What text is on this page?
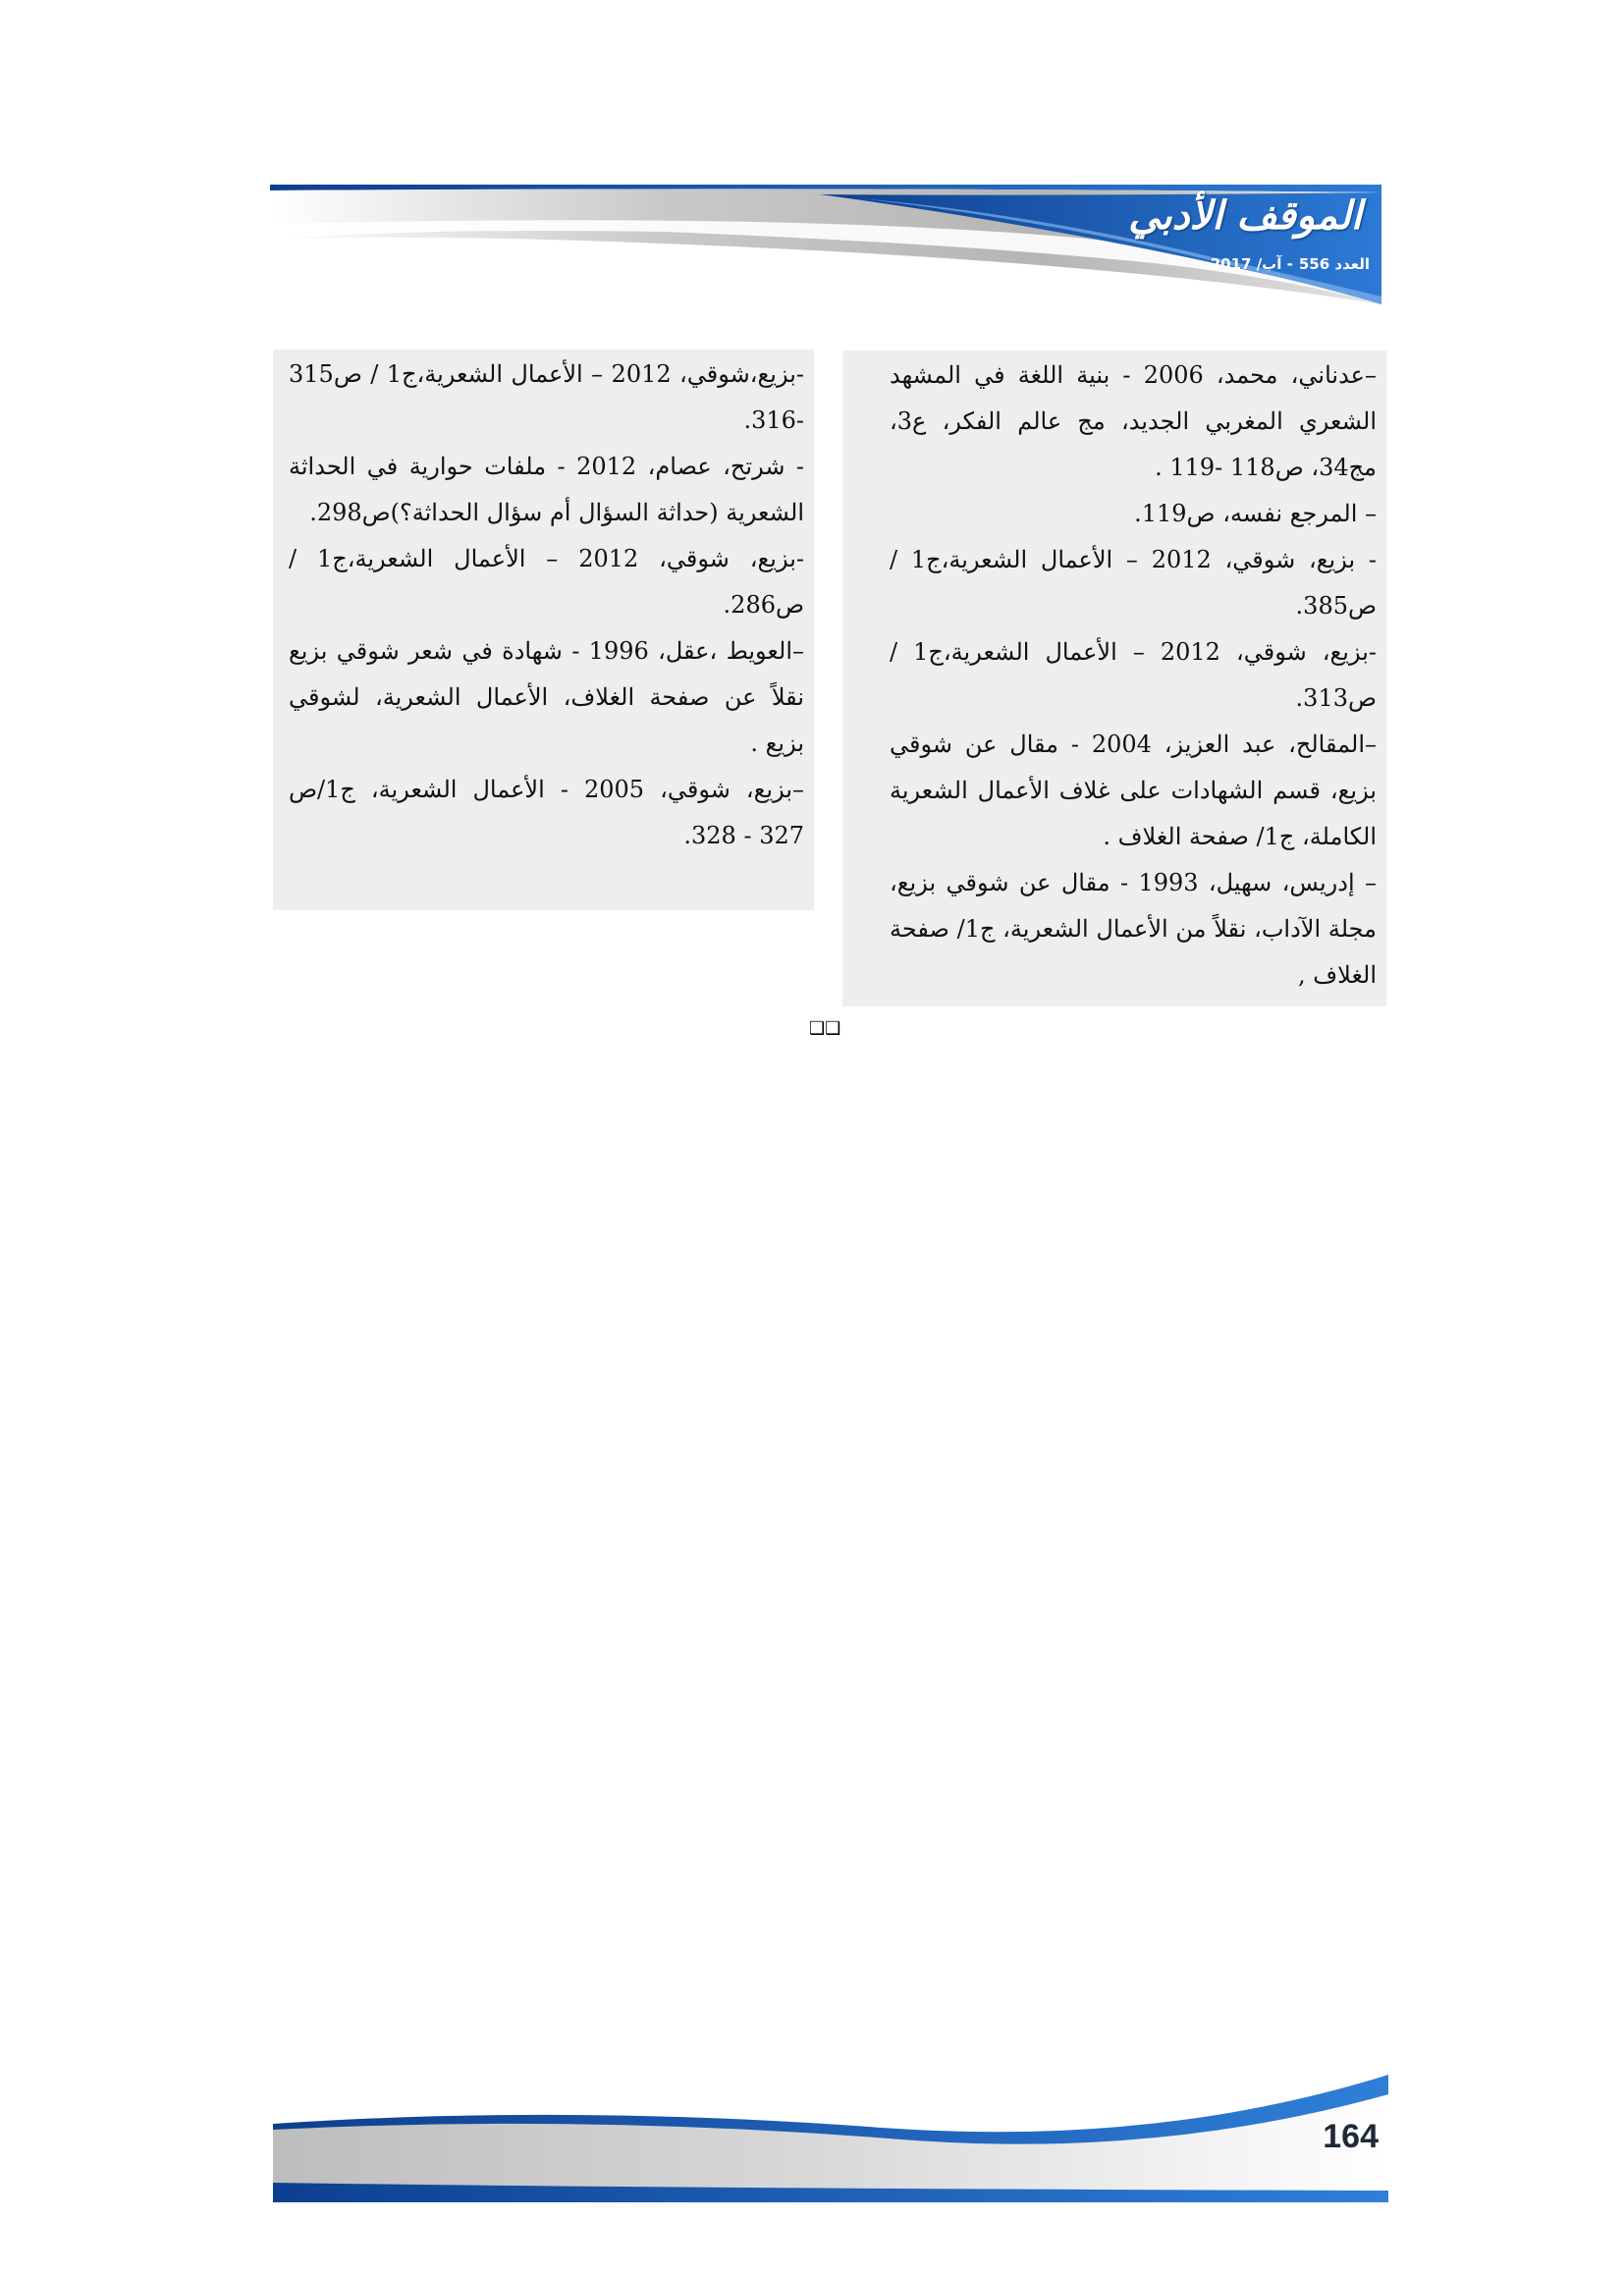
الموقف الأدبي
العدد 556- آب/ 2017

–عدناني، محمد، 2006 - بنية اللغة في المشهد الشعري المغربي الجديد، مج عالم الفكر، ع3، مج34، ص118 -119 .

– المرجع نفسه، ص119.

- بزيع، شوقي، 2012 – الأعمال الشعرية،ج1 / ص385.

-بزيع، شوقي، 2012 – الأعمال الشعرية،ج1 / ص313.

–المقالح، عبد العزيز، 2004 - مقال عن شوقي بزيع، قسم الشهادات على غلاف الأعمال الشعرية الكاملة، ج1/ صفحة الغلاف .

– إدريس، سهيل، 1993 - مقال عن شوقي بزيع، مجلة الآداب، نقلاً من الأعمال الشعرية، ج1/ صفحة الغلاف ,

-بزيع،شوقي، 2012 – الأعمال الشعرية،ج1 / ص315 -316.

- شرتح، عصام، 2012 - ملفات حوارية في الحداثة الشعرية (حداثة السؤال أم سؤال الحداثة؟)ص298.

-بزيع، شوقي، 2012 – الأعمال الشعرية،ج1 / ص286.

–العويط ،عقل، 1996 - شهادة في شعر شوقي بزيع نقلاً عن صفحة الغلاف، الأعمال الشعرية، لشوقي بزيع .

–بزيع، شوقي، 2005 - الأعمال الشعرية، ج1/ص 327 - 328.

❑❑
164
